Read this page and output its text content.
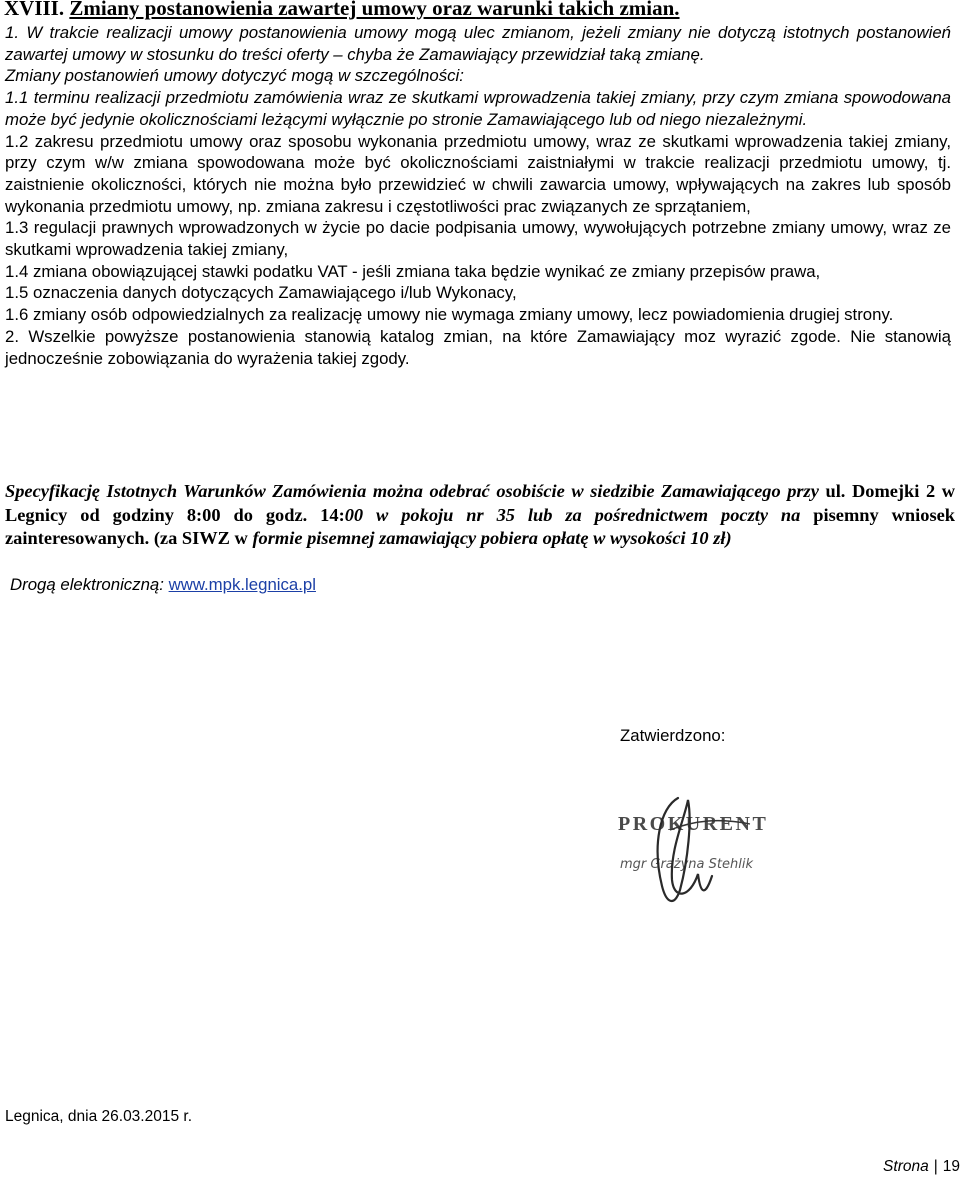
XVIII. Zmiany postanowienia zawartej umowy oraz warunki takich zmian.

1. W trakcie realizacji umowy postanowienia umowy mogą ulec zmianom, jeżeli zmiany nie dotyczą istotnych postanowień zawartej umowy w stosunku do treści oferty – chyba że Zamawiający przewidział taką zmianę.

Zmiany postanowień umowy dotyczyć mogą w szczególności:

1.1 terminu realizacji przedmiotu zamówienia wraz ze skutkami wprowadzenia takiej zmiany, przy czym zmiana spowodowana może być jedynie okolicznościami leżącymi wyłącznie po stronie Zamawiającego lub od niego niezależnymi.

1.2 zakresu przedmiotu umowy oraz sposobu wykonania przedmiotu umowy, wraz ze skutkami wprowadzenia takiej zmiany, przy czym w/w zmiana spowodowana może być okolicznościami zaistniałymi w trakcie realizacji przedmiotu umowy, tj. zaistnienie okoliczności, których nie można było przewidzieć w chwili zawarcia umowy, wpływających na zakres lub sposób wykonania przedmiotu umowy, np. zmiana zakresu i częstotliwości prac związanych ze sprzątaniem,

1.3 regulacji prawnych wprowadzonych w życie po dacie podpisania umowy, wywołujących potrzebne zmiany umowy, wraz ze skutkami wprowadzenia takiej zmiany,

1.4 zmiana obowiązującej stawki podatku VAT - jeśli zmiana taka będzie wynikać ze zmiany przepisów prawa,

1.5 oznaczenia danych dotyczących Zamawiającego i/lub Wykonacy,

1.6 zmiany osób odpowiedzialnych za realizację umowy nie wymaga zmiany umowy, lecz powiadomienia drugiej strony.

2. Wszelkie powyższe postanowienia stanowią katalog zmian, na które Zamawiający moz wyrazić zgode. Nie stanowią jednocześnie zobowiązania do wyrażenia takiej zgody.

Specyfikację Istotnych Warunków Zamówienia można odebrać osobiście w siedzibie Zamawiającego przy ul. Domejki 2 w Legnicy od godziny 8:00 do godz. 14:00 w pokoju nr 35 lub za pośrednictwem poczty na pisemny wniosek zainteresowanych. (za SIWZ w formie pisemnej zamawiający pobiera opłatę w wysokości 10 zł)
Drogą elektroniczną: www.mpk.legnica.pl
Zatwierdzono:
PROKURENT
mgr Grażyna Stehlik
Legnica, dnia 26.03.2015 r.
Strona | 19
